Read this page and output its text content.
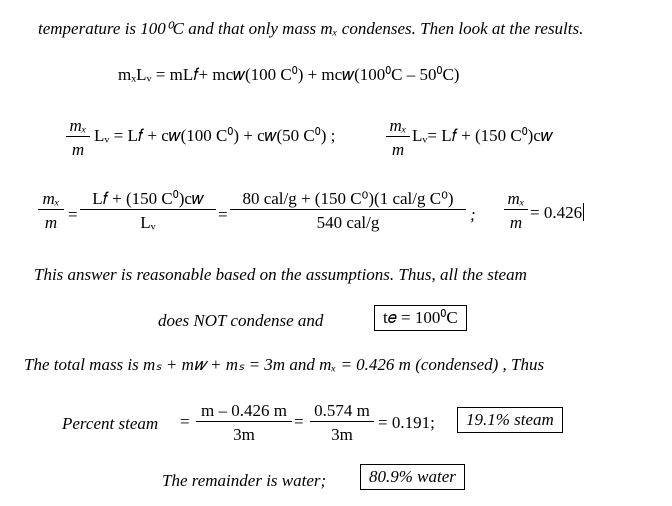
temperature is 100⁰C and that only mass mₓ condenses. Then look at the results.
mₓLᵥ = mL𝑓+ mc𝑤(100 C⁰) + mc𝑤(100⁰C – 50⁰C)
mₓ
m
Lᵥ = L𝑓 + c𝑤(100 C⁰) + c𝑤(50 C⁰) ;
mₓ
m
Lᵥ= L𝑓 + (150 C⁰)c𝑤
mₓ
m =
L𝑓 + (150 C⁰)c𝑤
Lᵥ	=
80 cal/g + (150 C⁰)(1 cal/g C⁰)
540 cal/g	;
mₓ
m
= 0.426
This answer is reasonable based on the assumptions. Thus, all the steam
does NOT condense and	t𝑒 = 100⁰C
The total mass is mₛ + m𝑤 + mₛ = 3m and mₓ = 0.426 m (condensed) , Thus
Percent steam =
m – 0.426 m
3m
=
0.574 m
3m
= 0.191;	19.1% steam
The remainder is water;	80.9% water
